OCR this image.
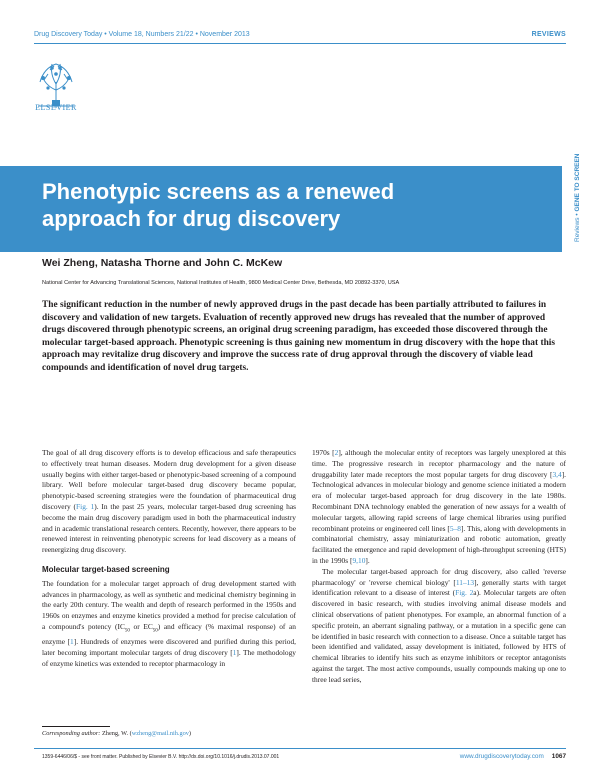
Drug Discovery Today • Volume 18, Numbers 21/22 • November 2013	REVIEWS
ELSEVIER
Reviews • GENE TO SCREEN
Phenotypic screens as a renewed
approach for drug discovery
Wei Zheng, Natasha Thorne and John C. McKew
National Center for Advancing Translational Sciences, National Institutes of Health, 9800 Medical Center Drive, Bethesda, MD 20892-3370, USA
The significant reduction in the number of newly approved drugs in the past decade has been partially attributed to failures in discovery and validation of new targets. Evaluation of recently approved new drugs has revealed that the number of approved drugs discovered through phenotypic screens, an original drug screening paradigm, has exceeded those discovered through the molecular target-based approach. Phenotypic screening is thus gaining new momentum in drug discovery with the hope that this approach may revitalize drug discovery and improve the success rate of drug approval through the discovery of viable lead compounds and identification of novel drug targets.

The goal of all drug discovery efforts is to develop efficacious and safe therapeutics to effectively treat human diseases. Modern drug development for a given disease usually begins with either target-based or phenotypic-based screening of a compound library. Well before molecular target-based drug discovery became popular, phenotypic-based screening strategies were the foundation of pharmaceutical drug discovery (Fig. 1). In the past 25 years, molecular target-based drug screening has become the main drug discovery paradigm used in both the pharmaceutical industry and in academic translational research centers. Recently, however, there appears to be renewed interest in reinventing phenotypic screens for lead discovery as a means of reenergizing drug discovery.

Molecular target-based screening

The foundation for a molecular target approach of drug development started with advances in pharmacology, as well as synthetic and medicinal chemistry beginning in the early 20th century. The wealth and depth of research performed in the 1950s and 1960s on enzymes and enzyme kinetics provided a method for precise calculation of a compound's potency ($IC_{50}$ or $EC_{50}$) and efficacy (% maximal response) of an enzyme [1]. Hundreds of enzymes were discovered and purified during this period, later becoming important molecular targets of drug discovery [1]. The methodology of enzyme kinetics was extended to receptor pharmacology in

1970s [2], although the molecular entity of receptors was largely unexplored at this time. The progressive research in receptor pharmacology and the nature of druggability later made receptors the most popular targets for drug discovery [3,4]. Technological advances in molecular biology and genome science initiated a modern era of molecular target-based approach for drug discovery in the late 1980s. Recombinant DNA technology enabled the generation of new assays for a wealth of molecular targets, allowing rapid screens of large chemical libraries using purified recombinant proteins or engineered cell lines [5–8]. This, along with developments in combinatorial chemistry, assay miniaturization and robotic automation, greatly facilitated the emergence and rapid development of high-throughput screening (HTS) in the 1990s [9,10].

The molecular target-based approach for drug discovery, also called 'reverse pharmacology' or 'reverse chemical biology' [11–13], generally starts with target identification relevant to a disease of interest (Fig. 2a). Molecular targets are often discovered in basic research, with studies involving animal disease models and clinical observations of patient phenotypes. For example, an abnormal function of a specific protein, an aberrant signaling pathway, or a mutation in a specific gene can be identified in basic research with connection to a disease. Once a suitable target has been identified and validated, assay development is initiated, followed by HTS of chemical libraries to identify hits such as enzyme inhibitors or receptor antagonists against the target. The most active compounds, usually compounds making up one to three lead series,

Corresponding author: Zheng, W. (wzheng@mail.nih.gov)
1359-6446/06/$ - see front matter. Published by Elsevier B.V. http://dx.doi.org/10.1016/j.drudis.2013.07.001	www.drugdiscoverytoday.com 1067
